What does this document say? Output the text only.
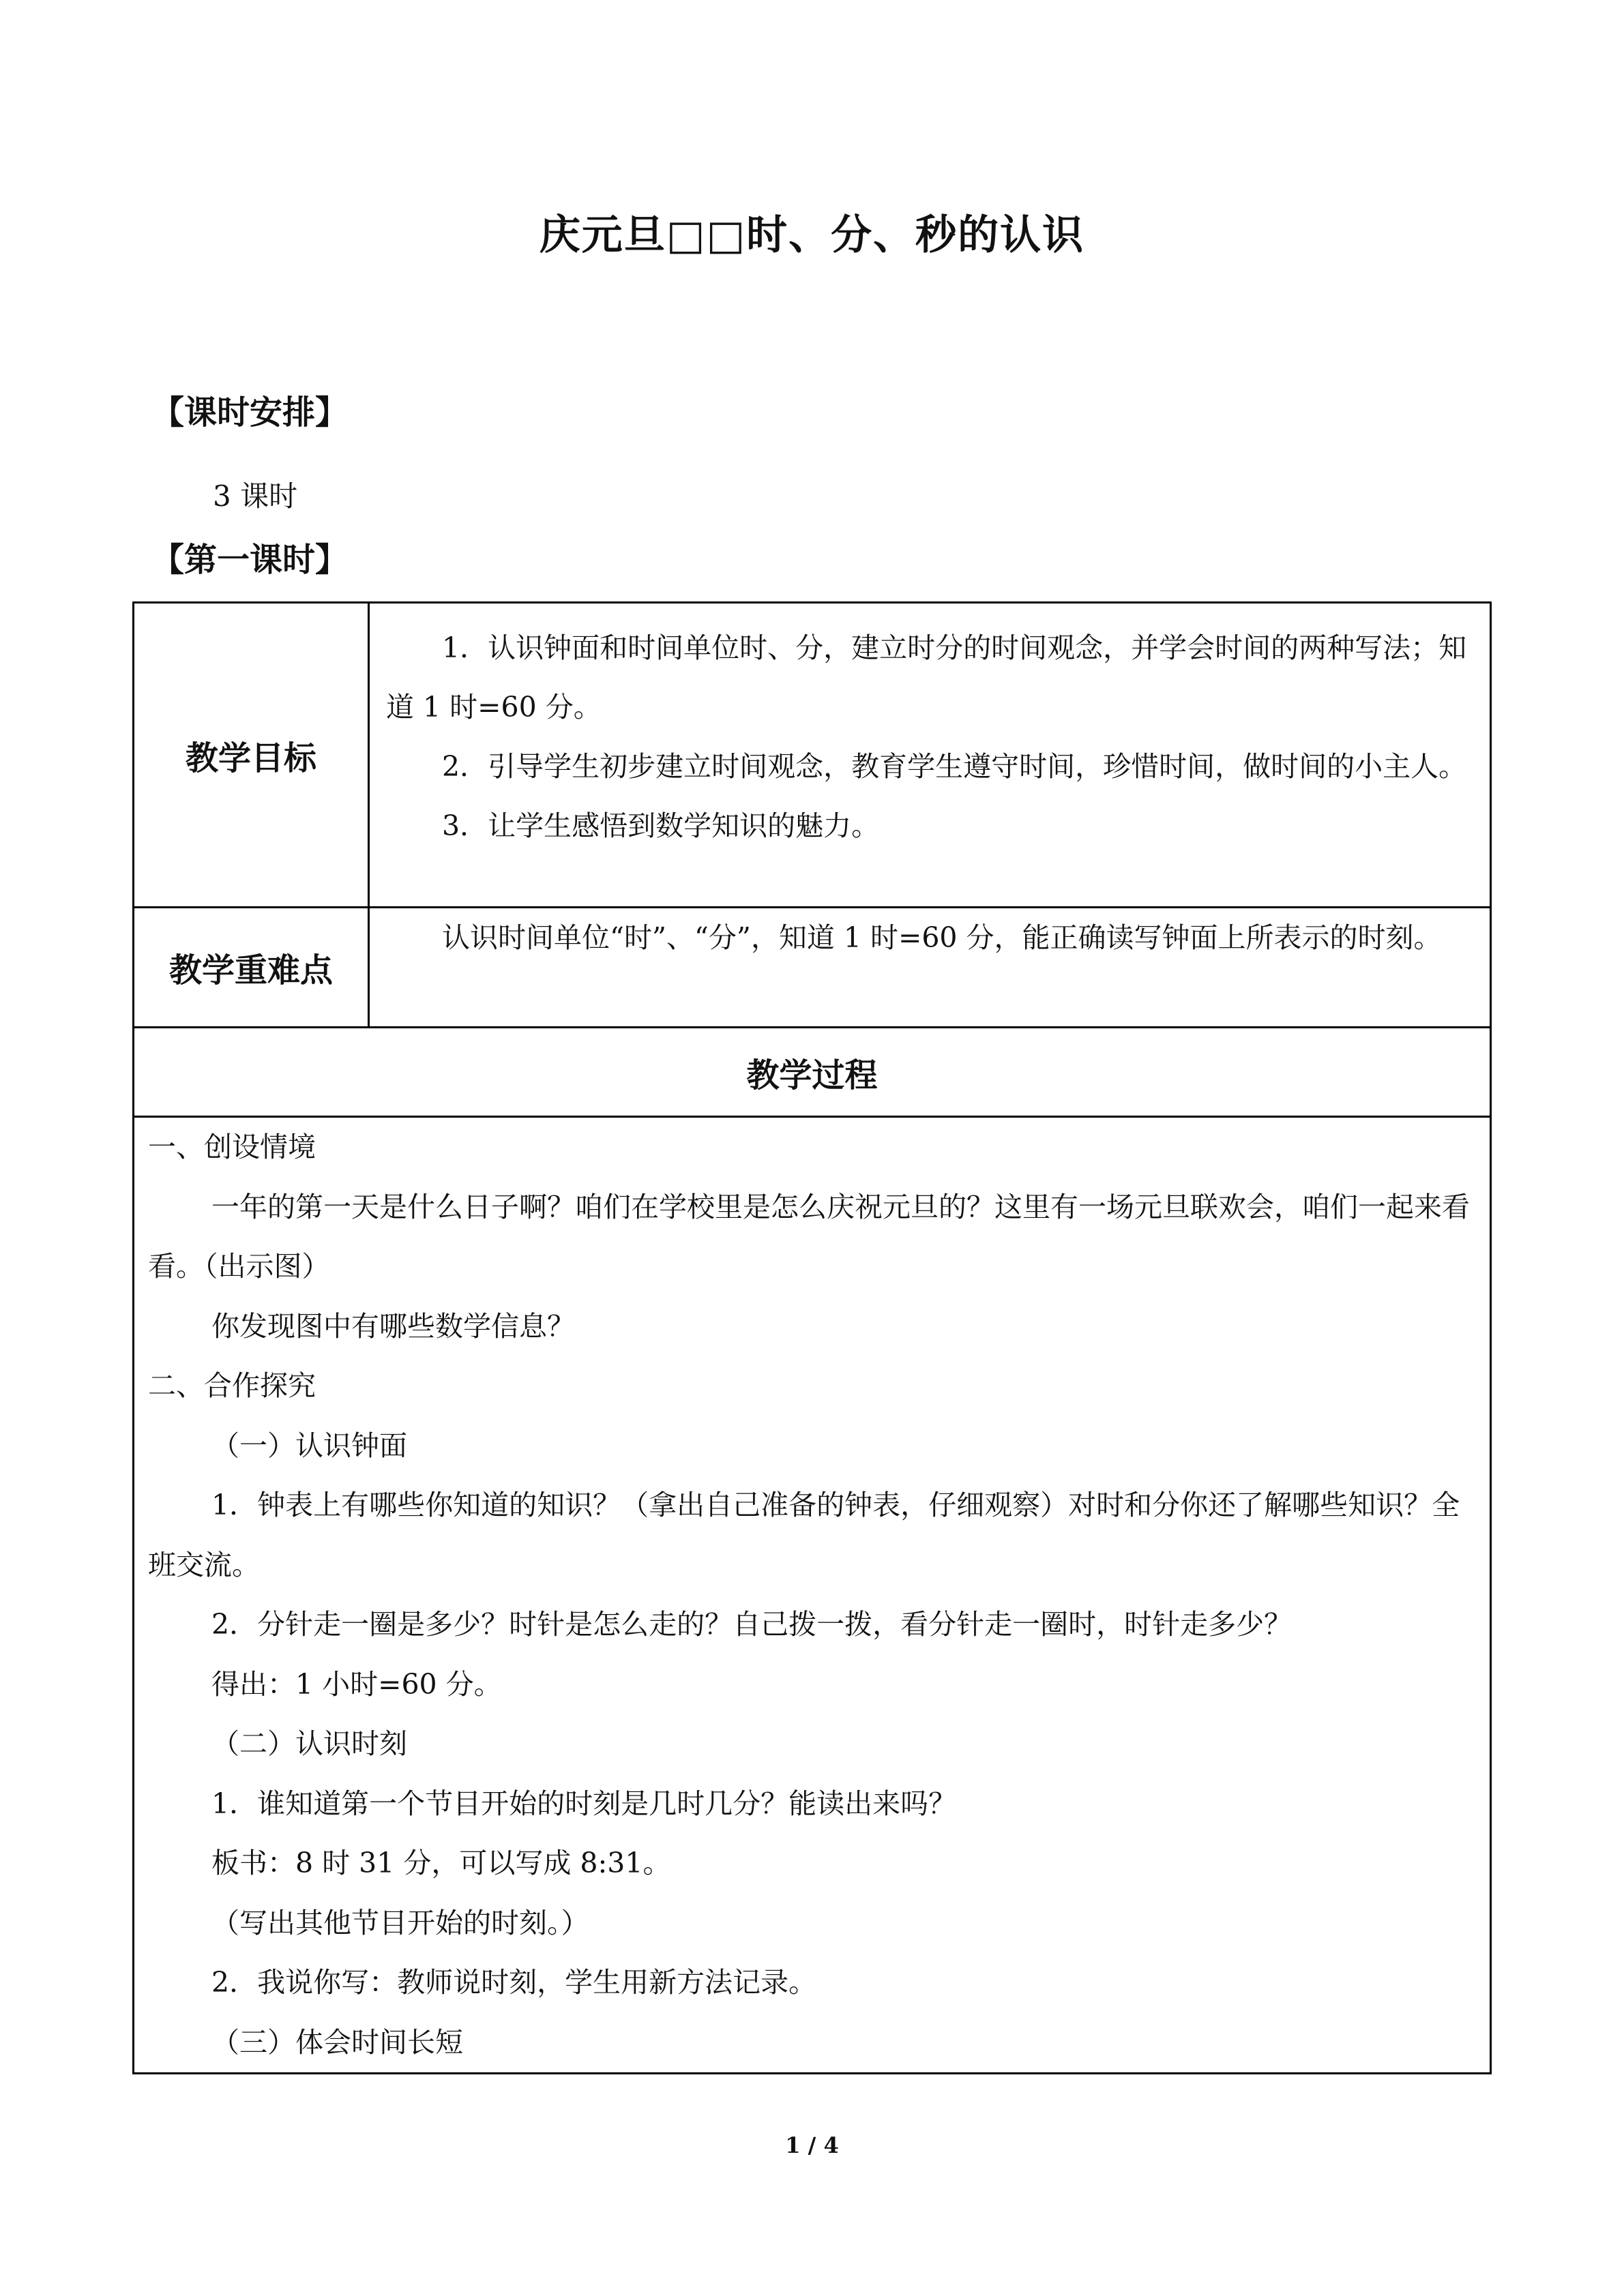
庆元旦□□时、分、秒的认识
【课时安排】
3 课时
【第一课时】
教学目标

1．认识钟面和时间单位时、分，建立时分的时间观念，并学会时间的两种写法；知道 1 时=60 分。

2．引导学生初步建立时间观念，教育学生遵守时间，珍惜时间，做时间的小主人。

3．让学生感悟到数学知识的魅力。

教学重难点

认识时间单位“时”、“分”，知道 1 时=60 分，能正确读写钟面上所表示的时刻。

教学过程

一、创设情境

一年的第一天是什么日子啊？咱们在学校里是怎么庆祝元旦的？这里有一场元旦联欢会，咱们一起来看看。（出示图）

你发现图中有哪些数学信息？

二、合作探究

（一）认识钟面

1．钟表上有哪些你知道的知识？（拿出自己准备的钟表，仔细观察）对时和分你还了解哪些知识？全班交流。

2．分针走一圈是多少？时针是怎么走的？自己拨一拨，看分针走一圈时，时针走多少？

得出：1 小时=60 分。

（二）认识时刻

1．谁知道第一个节目开始的时刻是几时几分？能读出来吗？

板书：8 时 31 分，可以写成 8:31。

（写出其他节目开始的时刻。）

2．我说你写：教师说时刻，学生用新方法记录。

（三）体会时间长短

1 / 4
